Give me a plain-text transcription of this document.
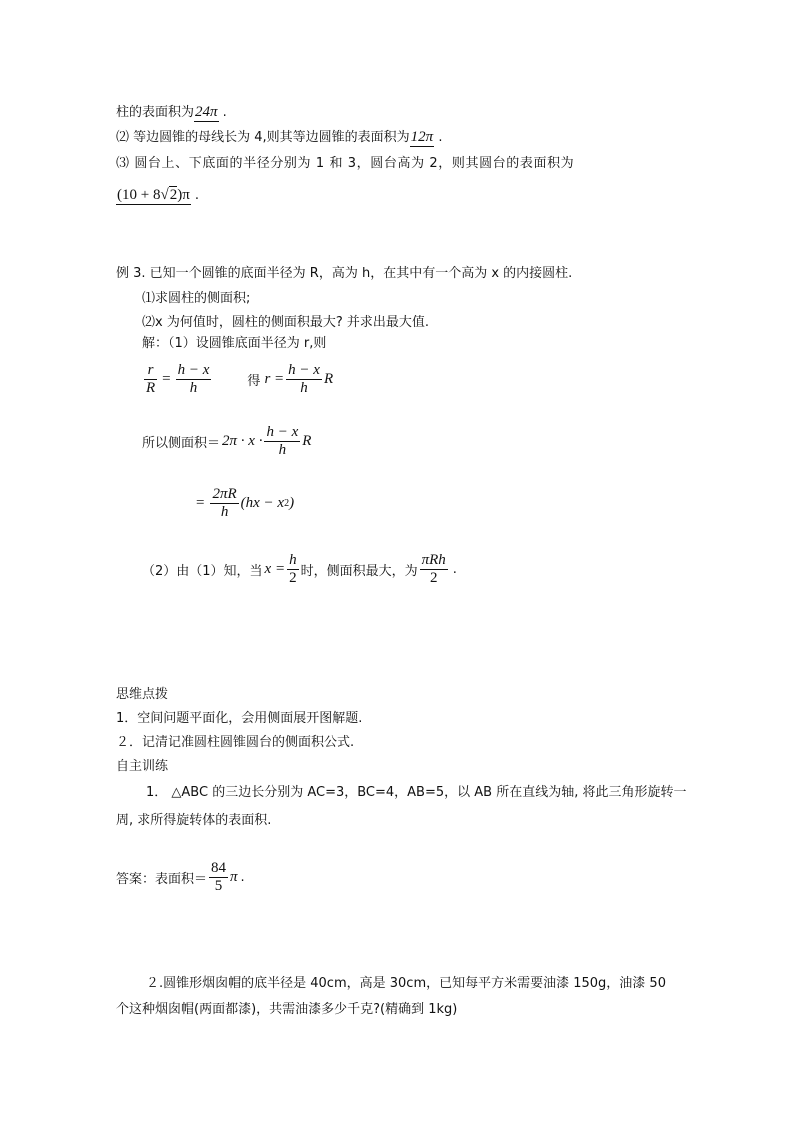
柱的表面积为24π .
⑵ 等边圆锥的母线长为 4,则其等边圆锥的表面积为12π .
⑶ 圆台上、下底面的半径分别为 1 和 3，圆台高为 2，则其圆台的表面积为
(10 + 8√2)π .
例 3. 已知一个圆锥的底面半径为 R，高为 h，在其中有一个高为 x 的内接圆柱.
⑴求圆柱的侧面积;
⑵x 为何值时，圆柱的侧面积最大? 并求出最大值.
解：（1）设圆锥底面半径为 r,则
$\frac{r}{R} = \frac{h - x}{h}$	得 $r = \frac{h - x}{h}$ R
所以侧面积＝ $2\pi \cdot x \cdot \frac{h - x}{h}$ R
= $\frac{2\pi R}{h} (hx - x$ 2 )
（2）由（1）知，当 $x = \frac{h}{2}$ 时，侧面积最大，为 $\frac{\text{πRh}}{2}$ .
思维点拨
1．空间问题平面化，会用侧面展开图解题.
２．记清记准圆柱圆锥圆台的侧面积公式.
自主训练
1． △ABC 的三边长分别为 AC=3，BC=4，AB=5，以 AB 所在直线为轴, 将此三角形旋转一
周, 求所得旋转体的表面积.
答案：表面积＝ $\frac{84}{5}$ π .
２.圆锥形烟囱帽的底半径是 40cm，高是 30cm，已知每平方米需要油漆 150g，油漆 50
个这种烟囱帽(两面都漆)，共需油漆多少千克?(精确到 1kg)
